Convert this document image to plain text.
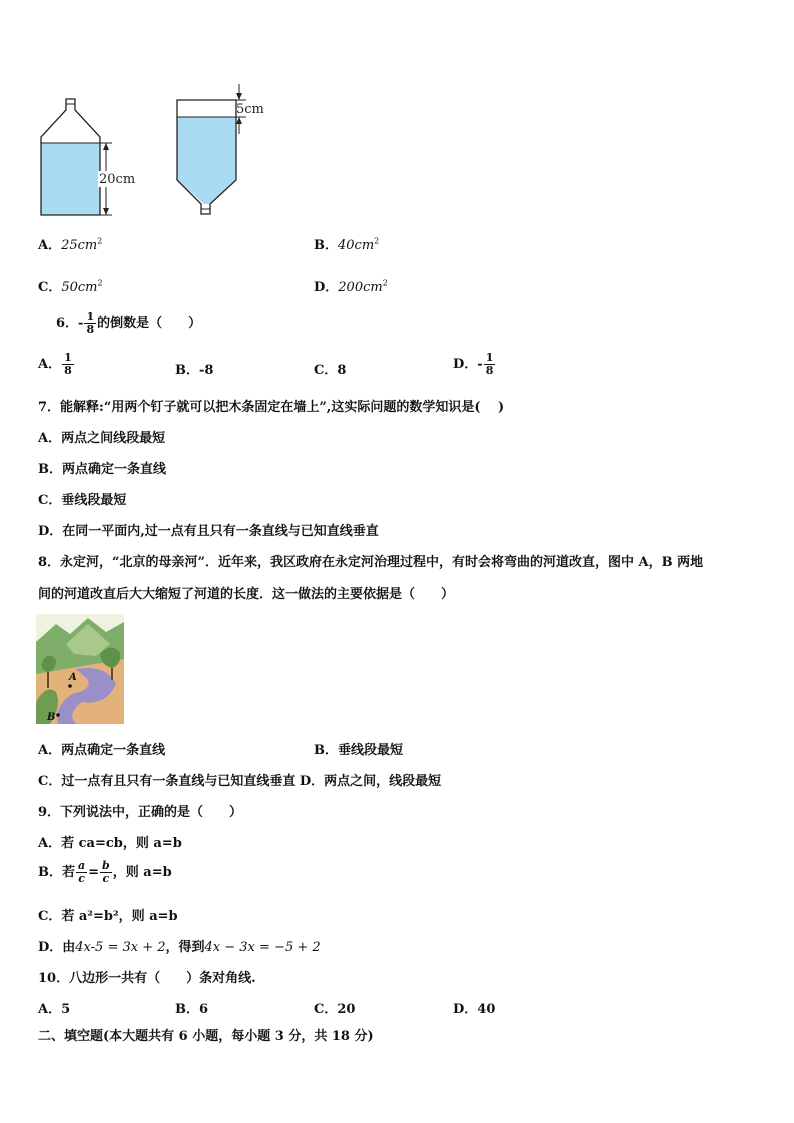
20cm
5cm
A．$25cm^2$	B．$40cm^2$
C．$50cm^2$	D．$200cm^2$
6．- $\frac{1}{8}$ 的倒数是（　　）
A． $\frac{1}{8}$	B．-8	C．8	D．- $\frac{1}{8}$
7．能解释:“用两个钉子就可以把木条固定在墙上”,这实际问题的数学知识是(　 )
A．两点之间线段最短
B．两点确定一条直线
C．垂线段最短
D．在同一平面内,过一点有且只有一条直线与已知直线垂直
8．永定河，“北京的母亲河”．近年来，我区政府在永定河治理过程中，有时会将弯曲的河道改直，图中 A，B 两地
间的河道改直后大大缩短了河道的长度．这一做法的主要依据是（　　）
A
B
A．两点确定一条直线	B．垂线段最短
C．过一点有且只有一条直线与已知直线垂直 D．两点之间，线段最短
9．下列说法中，正确的是（　　）
A．若 ca=cb，则 a=b
B．若 $\frac{a}{c} = \frac{b}{c}$ ，则 a=b
C．若 a²=b²，则 a=b
D．由4x-5 = 3x + 2，得到4x − 3x = −5 + 2
10．八边形一共有（　　）条对角线.
A．5	B．6	C．20	D．40
二、填空题(本大题共有 6 小题，每小题 3 分，共 18 分)
